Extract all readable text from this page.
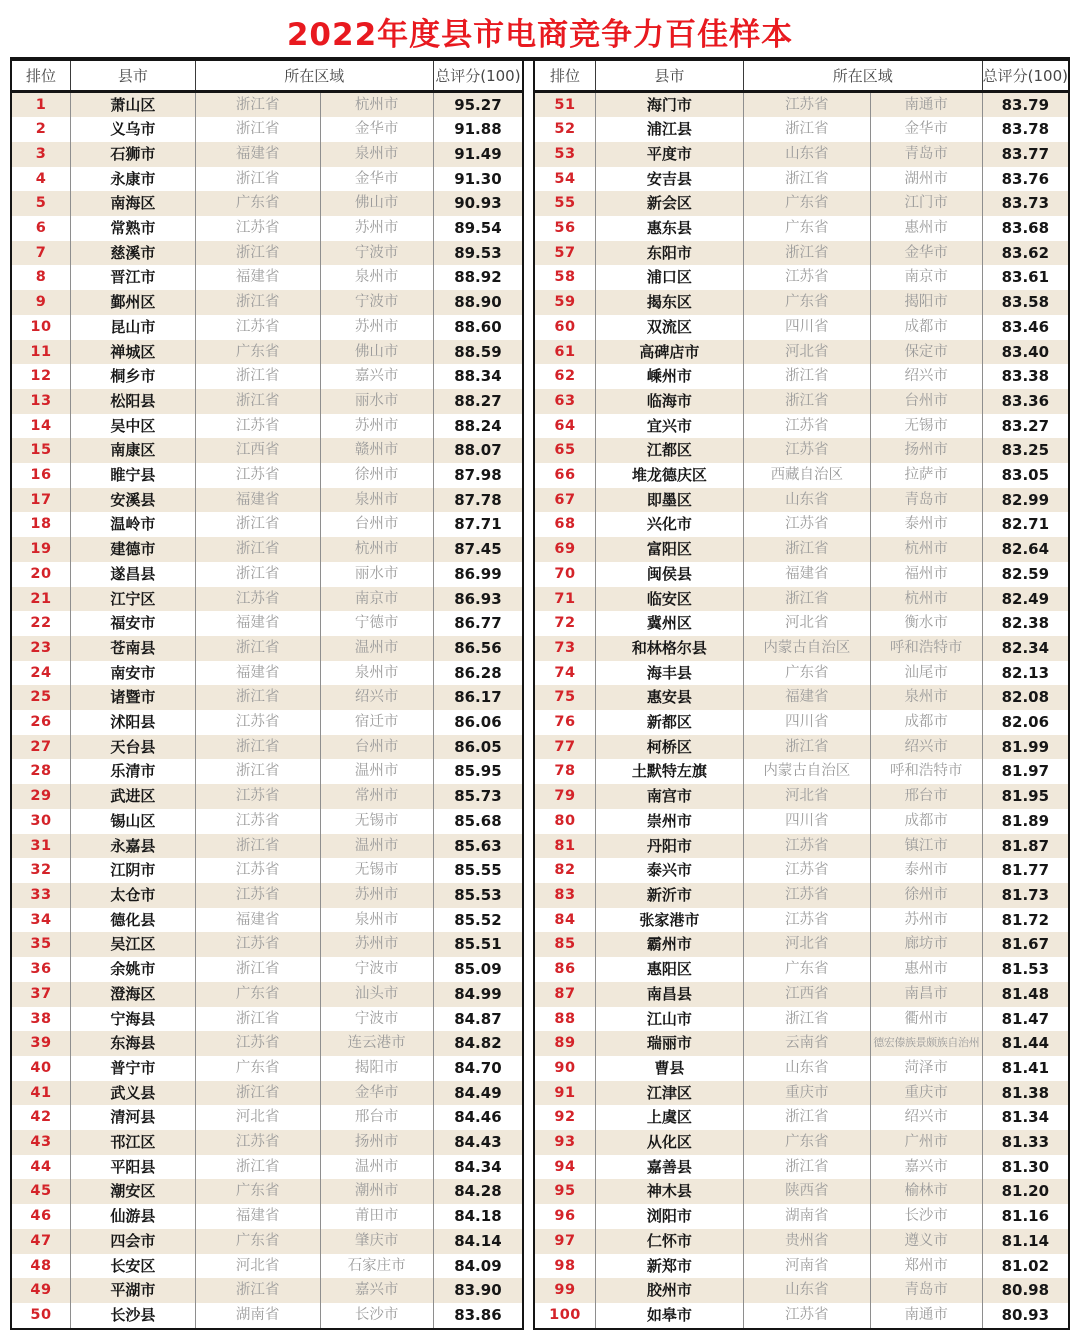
2022年度县市电商竞争力百佳样本
排位	县市	所在区域		总评分(100)
1	萧山区	浙江省	杭州市	95.27
2	义乌市	浙江省	金华市	91.88
3	石狮市	福建省	泉州市	91.49
4	永康市	浙江省	金华市	91.30
5	南海区	广东省	佛山市	90.93
6	常熟市	江苏省	苏州市	89.54
7	慈溪市	浙江省	宁波市	89.53
8	晋江市	福建省	泉州市	88.92
9	鄞州区	浙江省	宁波市	88.90
10	昆山市	江苏省	苏州市	88.60
11	禅城区	广东省	佛山市	88.59
12	桐乡市	浙江省	嘉兴市	88.34
13	松阳县	浙江省	丽水市	88.27
14	吴中区	江苏省	苏州市	88.24
15	南康区	江西省	赣州市	88.07
16	睢宁县	江苏省	徐州市	87.98
17	安溪县	福建省	泉州市	87.78
18	温岭市	浙江省	台州市	87.71
19	建德市	浙江省	杭州市	87.45
20	遂昌县	浙江省	丽水市	86.99
21	江宁区	江苏省	南京市	86.93
22	福安市	福建省	宁德市	86.77
23	苍南县	浙江省	温州市	86.56
24	南安市	福建省	泉州市	86.28
25	诸暨市	浙江省	绍兴市	86.17
26	沭阳县	江苏省	宿迁市	86.06
27	天台县	浙江省	台州市	86.05
28	乐清市	浙江省	温州市	85.95
29	武进区	江苏省	常州市	85.73
30	锡山区	江苏省	无锡市	85.68
31	永嘉县	浙江省	温州市	85.63
32	江阴市	江苏省	无锡市	85.55
33	太仓市	江苏省	苏州市	85.53
34	德化县	福建省	泉州市	85.52
35	吴江区	江苏省	苏州市	85.51
36	余姚市	浙江省	宁波市	85.09
37	澄海区	广东省	汕头市	84.99
38	宁海县	浙江省	宁波市	84.87
39	东海县	江苏省	连云港市	84.82
40	普宁市	广东省	揭阳市	84.70
41	武义县	浙江省	金华市	84.49
42	清河县	河北省	邢台市	84.46
43	邗江区	江苏省	扬州市	84.43
44	平阳县	浙江省	温州市	84.34
45	潮安区	广东省	潮州市	84.28
46	仙游县	福建省	莆田市	84.18
47	四会市	广东省	肇庆市	84.14
48	长安区	河北省	石家庄市	84.09
49	平湖市	浙江省	嘉兴市	83.90
50	长沙县	湖南省	长沙市	83.86
排位	县市	所在区域		总评分(100)
51	海门市	江苏省	南通市	83.79
52	浦江县	浙江省	金华市	83.78
53	平度市	山东省	青岛市	83.77
54	安吉县	浙江省	湖州市	83.76
55	新会区	广东省	江门市	83.73
56	惠东县	广东省	惠州市	83.68
57	东阳市	浙江省	金华市	83.62
58	浦口区	江苏省	南京市	83.61
59	揭东区	广东省	揭阳市	83.58
60	双流区	四川省	成都市	83.46
61	高碑店市	河北省	保定市	83.40
62	嵊州市	浙江省	绍兴市	83.38
63	临海市	浙江省	台州市	83.36
64	宜兴市	江苏省	无锡市	83.27
65	江都区	江苏省	扬州市	83.25
66	堆龙德庆区	西藏自治区	拉萨市	83.05
67	即墨区	山东省	青岛市	82.99
68	兴化市	江苏省	泰州市	82.71
69	富阳区	浙江省	杭州市	82.64
70	闽侯县	福建省	福州市	82.59
71	临安区	浙江省	杭州市	82.49
72	冀州区	河北省	衡水市	82.38
73	和林格尔县	内蒙古自治区	呼和浩特市	82.34
74	海丰县	广东省	汕尾市	82.13
75	惠安县	福建省	泉州市	82.08
76	新都区	四川省	成都市	82.06
77	柯桥区	浙江省	绍兴市	81.99
78	土默特左旗	内蒙古自治区	呼和浩特市	81.97
79	南宫市	河北省	邢台市	81.95
80	崇州市	四川省	成都市	81.89
81	丹阳市	江苏省	镇江市	81.87
82	泰兴市	江苏省	泰州市	81.77
83	新沂市	江苏省	徐州市	81.73
84	张家港市	江苏省	苏州市	81.72
85	霸州市	河北省	廊坊市	81.67
86	惠阳区	广东省	惠州市	81.53
87	南昌县	江西省	南昌市	81.48
88	江山市	浙江省	衢州市	81.47
89	瑞丽市	云南省	德宏傣族景颇族自治州	81.44
90	曹县	山东省	菏泽市	81.41
91	江津区	重庆市	重庆市	81.38
92	上虞区	浙江省	绍兴市	81.34
93	从化区	广东省	广州市	81.33
94	嘉善县	浙江省	嘉兴市	81.30
95	神木县	陕西省	榆林市	81.20
96	浏阳市	湖南省	长沙市	81.16
97	仁怀市	贵州省	遵义市	81.14
98	新郑市	河南省	郑州市	81.02
99	胶州市	山东省	青岛市	80.98
100	如皋市	江苏省	南通市	80.93
